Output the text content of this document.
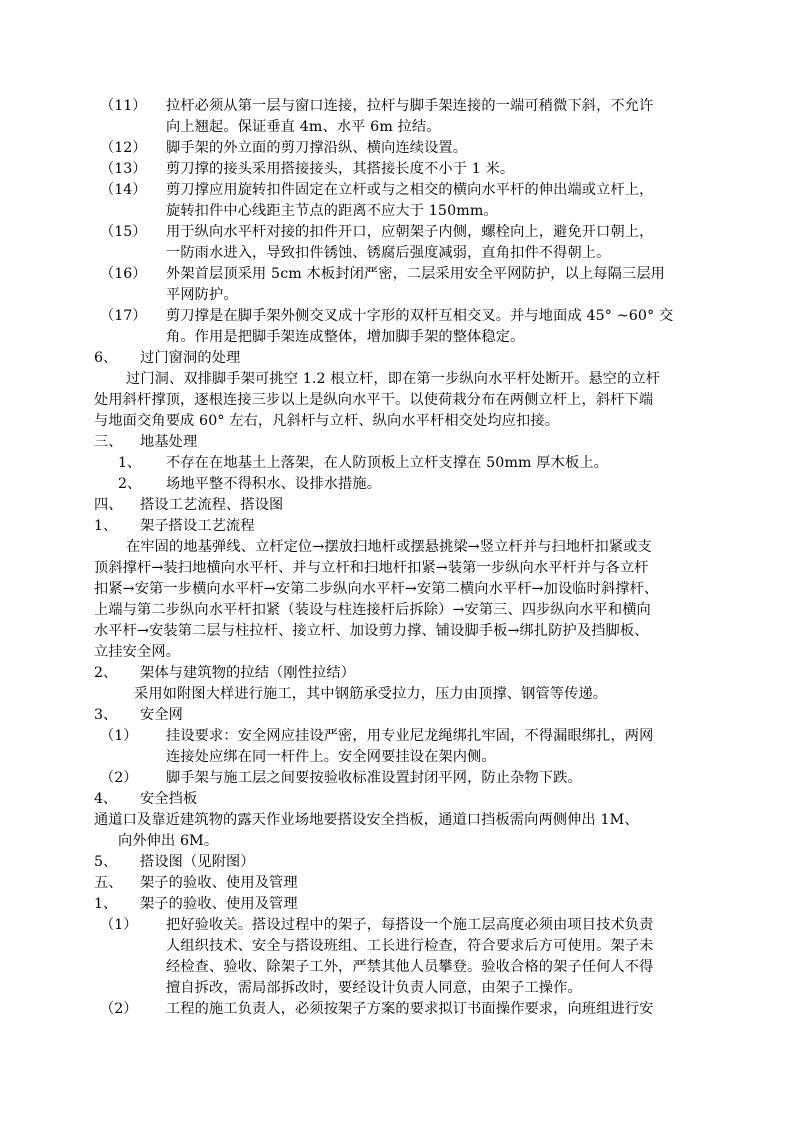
（11） 拉杆必须从第一层与窗口连接，拉杆与脚手架连接的一端可稍微下斜，不允许
向上翘起。保证垂直 4m、水平 6m 拉结。
（12） 脚手架的外立面的剪刀撑沿纵、横向连续设置。
（13） 剪刀撑的接头采用搭接接头，其搭接长度不小于 1 米。
（14） 剪刀撑应用旋转扣件固定在立杆或与之相交的横向水平杆的伸出端或立杆上，
旋转扣件中心线距主节点的距离不应大于 150mm。
（15） 用于纵向水平杆对接的扣件开口，应朝架子内侧，螺栓向上，避免开口朝上，
一防雨水进入，导致扣件锈蚀、锈腐后强度减弱，直角扣件不得朝上。
（16） 外架首层顶采用 5cm 木板封闭严密，二层采用安全平网防护，以上每隔三层用
平网防护。
（17） 剪刀撑是在脚手架外侧交叉成十字形的双杆互相交叉。并与地面成 45° ~60° 交
角。作用是把脚手架连成整体，增加脚手架的整体稳定。
6、 过门窗洞的处理
过门洞、双排脚手架可挑空 1.2 根立杆，即在第一步纵向水平杆处断开。悬空的立杆
处用斜杆撑顶，逐根连接三步以上是纵向水平干。以使荷栽分布在两侧立杆上，斜杆下端
与地面交角要成 60° 左右，凡斜杆与立杆、纵向水平杆相交处均应扣接。
三、 地基处理
1、 不存在在地基土上落架，在人防顶板上立杆支撑在 50mm 厚木板上。
2、 场地平整不得积水、设排水措施。
四、 搭设工艺流程、搭设图
1、 架子搭设工艺流程
在牢固的地基弹线、立杆定位→摆放扫地杆或摆悬挑梁→竖立杆并与扫地杆扣紧或支
顶斜撑杆→装扫地横向水平杆、并与立杆和扫地杆扣紧→装第一步纵向水平杆并与各立杆
扣紧→安第一步横向水平杆→安第二步纵向水平杆→安第二横向水平杆→加设临时斜撑杆、
上端与第二步纵向水平杆扣紧（装设与柱连接杆后拆除）→安第三、四步纵向水平和横向
水平杆→安装第二层与柱拉杆、接立杆、加设剪力撑、铺设脚手板→绑扎防护及挡脚板、
立挂安全网。
2、 架体与建筑物的拉结（刚性拉结）
采用如附图大样进行施工，其中钢筋承受拉力，压力由顶撑、钢管等传递。
3、 安全网
（1） 挂设要求：安全网应挂设严密，用专业尼龙绳绑扎牢固，不得漏眼绑扎，两网
连接处应绑在同一杆件上。安全网要挂设在架内侧。
（2） 脚手架与施工层之间要按验收标准设置封闭平网，防止杂物下跌。
4、 安全挡板
通道口及靠近建筑物的露天作业场地要搭设安全挡板，通道口挡板需向两侧伸出 1M、
向外伸出 6M。
5、 搭设图（见附图）
五、 架子的验收、使用及管理
1、 架子的验收、使用及管理
（1） 把好验收关。搭设过程中的架子，每搭设一个施工层高度必须由项目技术负责
人组织技术、安全与搭设班组、工长进行检查，符合要求后方可使用。架子未
经检查、验收、除架子工外，严禁其他人员攀登。验收合格的架子任何人不得
擅自拆改，需局部拆改时，要经设计负责人同意，由架子工操作。
（2） 工程的施工负责人，必须按架子方案的要求拟订书面操作要求，向班组进行安
